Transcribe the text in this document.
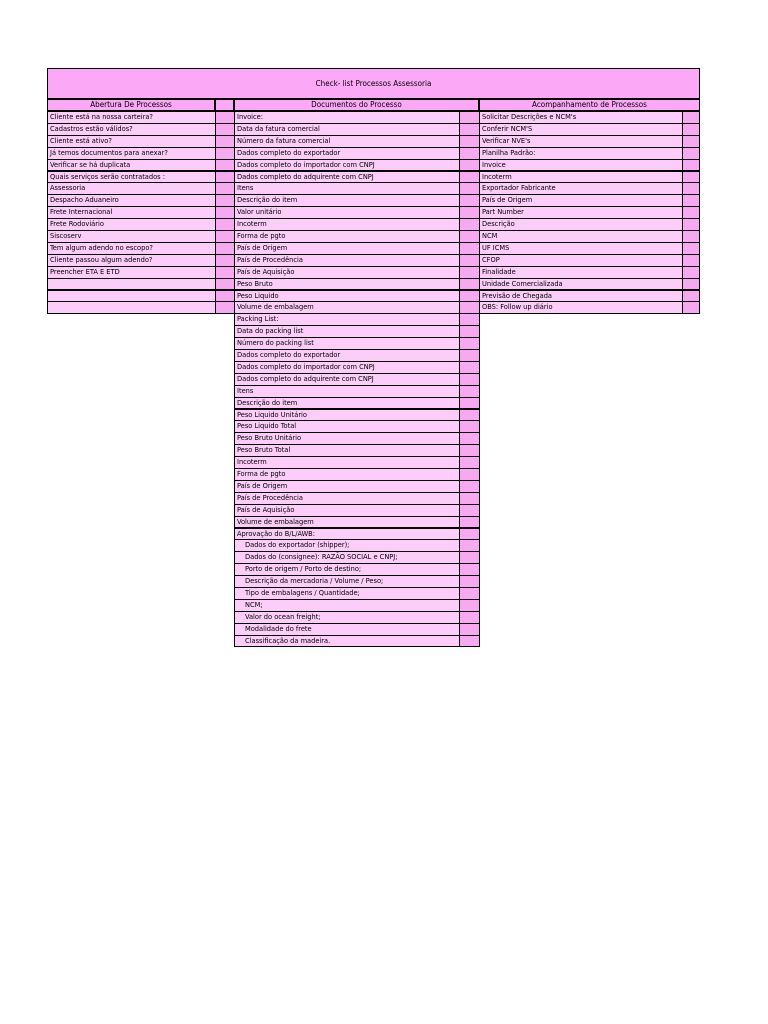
Check- list Processos Assessoria
Abertura De Processos	Documentos do Processo	Acompanhamento de Processos
Cliente está na nossa carteira?
Cadastros estão válidos?
Cliente está ativo?
Já temos documentos para anexar?
Verificar se há duplicata
Quais serviços serão contratados :
Assessoria
Despacho Aduaneiro
Frete Internacional
Frete Rodoviário
Siscoserv
Tem algum adendo no escopo?
Cliente passou algum adendo?
Preencher ETA E ETD
Invoice:
Data da fatura comercial
Número da fatura comercial
Dados completo do exportador
Dados completo do importador com CNPJ
Dados completo do adquirente com CNPJ
Itens
Descrição do item
Valor unitário
Incoterm
Forma de pgto
País de Origem
País de Procedência
País de Aquisição
Peso Bruto
Peso Liquido
Volume de embalagem
Packing List:
Data do packing list
Número do packing list
Dados completo do exportador
Dados completo do importador com CNPJ
Dados completo do adquirente com CNPJ
Itens
Descrição do item
Peso Liquido Unitário
Peso Liquido Total
Peso Bruto Unitário
Peso Bruto Total
Incoterm
Forma de pgto
País de Origem
País de Procedência
País de Aquisição
Volume de embalagem
Aprovação do B/L/AWB:
Dados do exportador (shipper);
Dados do (consignee): RAZÃO SOCIAL e CNPJ;
Porto de origem / Porto de destino;
Descrição da mercadoria / Volume / Peso;
Tipo de embalagens / Quantidade;
NCM;
Valor do ocean freight;
Modalidade do frete
Classificação da madeira.
Solicitar Descrições e NCM's
Conferir NCM'S
Verificar NVE's
Planilha Padrão:
Invoice
Incoterm
Exportador Fabricante
País de Origem
Part Number
Descrição
NCM
UF ICMS
CFOP
Finalidade
Unidade Comercializada
Previsão de Chegada
OBS: Follow up diário
